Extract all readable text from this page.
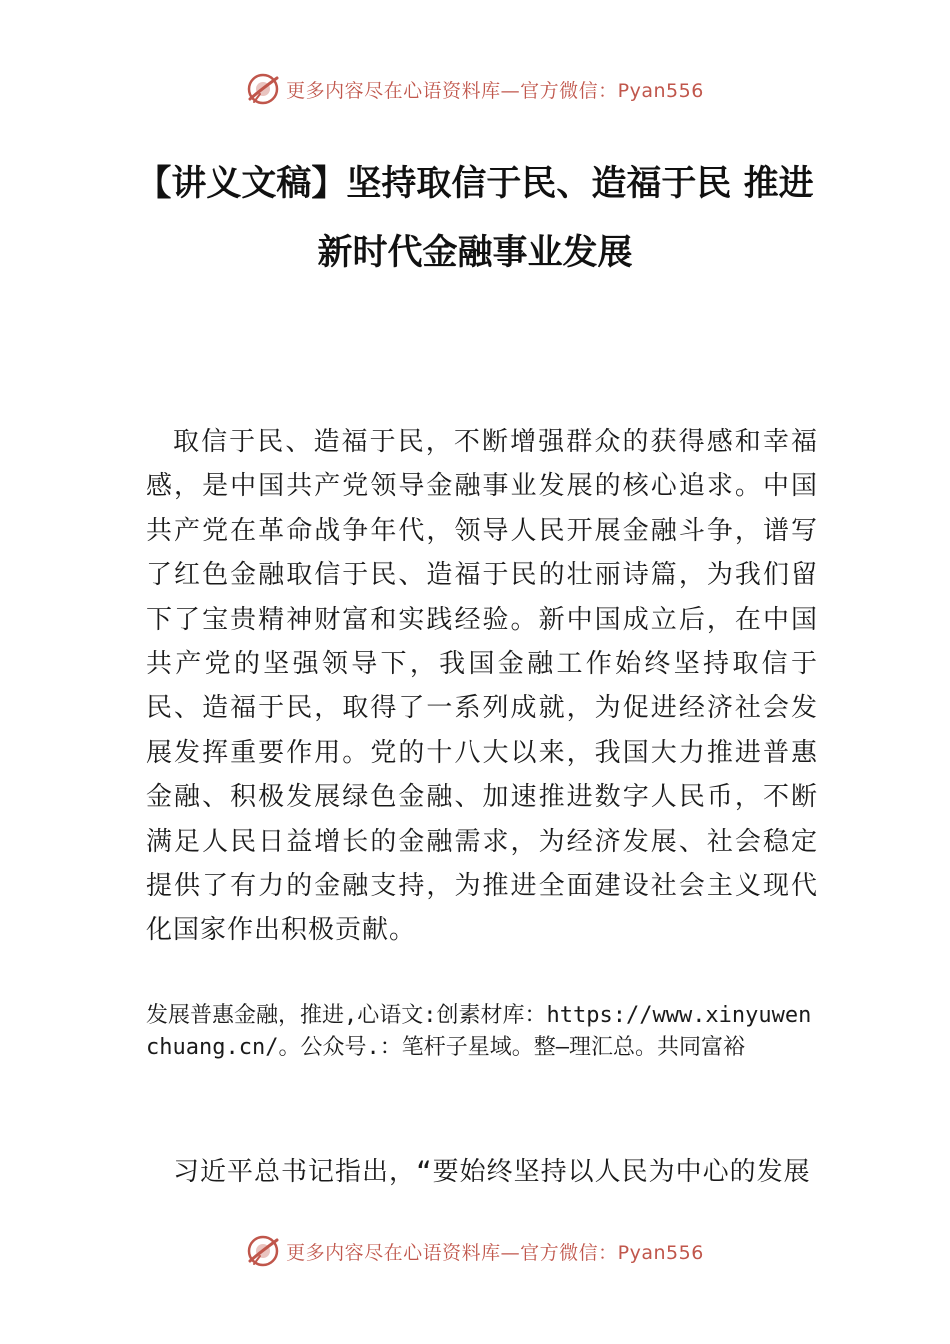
更多内容尽在心语资料库—官方微信：Pyan556
【讲义文稿】坚持取信于民、造福于民 推进新时代金融事业发展

取信于民、造福于民，不断增强群众的获得感和幸福感，是中国共产党领导金融事业发展的核心追求。中国共产党在革命战争年代，领导人民开展金融斗争，谱写了红色金融取信于民、造福于民的壮丽诗篇，为我们留下了宝贵精神财富和实践经验。新中国成立后，在中国共产党的坚强领导下，我国金融工作始终坚持取信于民、造福于民，取得了一系列成就，为促进经济社会发展发挥重要作用。党的十八大以来，我国大力推进普惠金融、积极发展绿色金融、加速推进数字人民币，不断满足人民日益增长的金融需求，为经济发展、社会稳定提供了有力的金融支持，为推进全面建设社会主义现代化国家作出积极贡献。

发展普惠金融，推进,心语文:创素材库：https://www.xinyuwenchuang.cn/。公众号.：笔杆子星域。整—理汇总。共同富裕

习近平总书记指出，“要始终坚持以人民为中心的发展

更多内容尽在心语资料库—官方微信：Pyan556
